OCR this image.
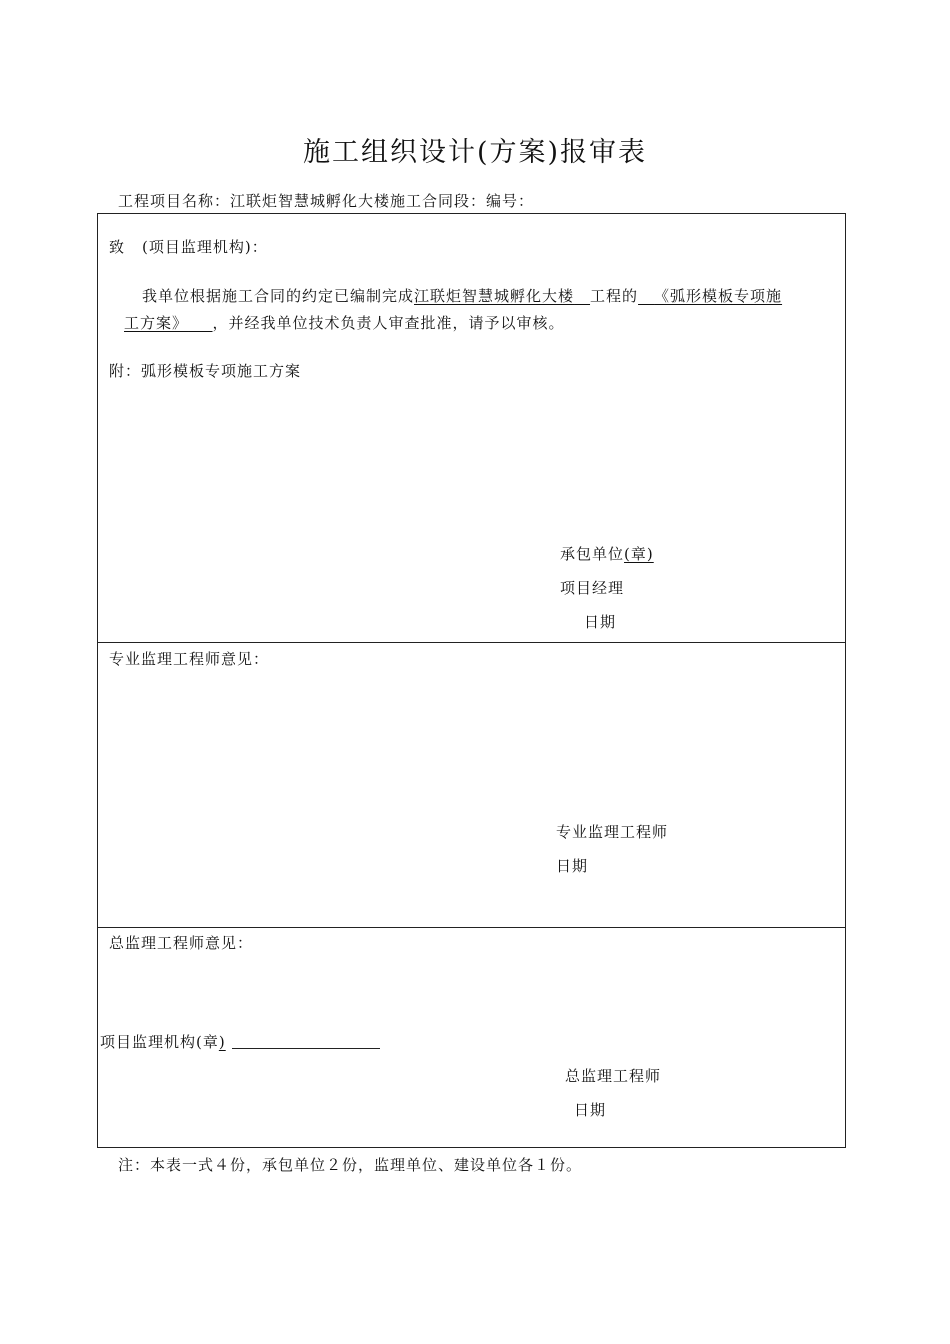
施工组织设计(方案)报审表
工程项目名称：江联炬智慧城孵化大楼施工合同段：编号：
致 (项目监理机构)：
我单位根据施工合同的约定已编制完成江联炬智慧城孵化大楼  工程的  《弧形模板专项施
工方案》   ，并经我单位技术负责人审查批准，请予以审核。
附：弧形模板专项施工方案
承包单位(章)
项目经理
日期
专业监理工程师意见：
专业监理工程师
日期
总监理工程师意见：
项目监理机构(章)
总监理工程师
日期
注：本表一式４份，承包单位２份，监理单位、建设单位各１份。
